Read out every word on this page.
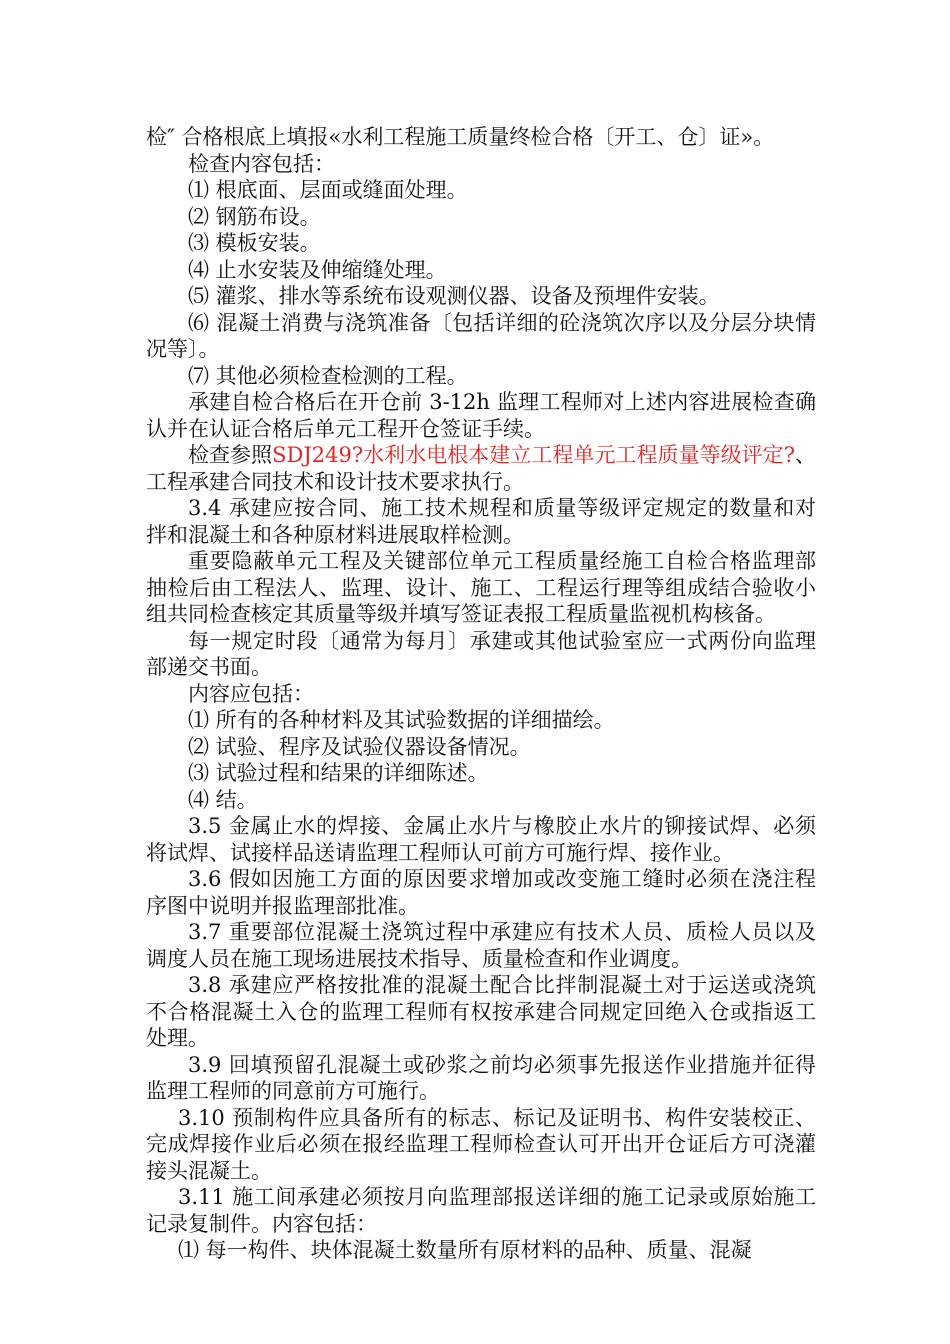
检″ 合格根底上填报«水利工程施工质量终检合格〔开工、仓〕证»。

检查内容包括：

⑴ 根底面、层面或缝面处理。

⑵ 钢筋布设。

⑶ 模板安装。

⑷ 止水安装及伸缩缝处理。

⑸ 灌浆、排水等系统布设观测仪器、设备及预埋件安装。

⑹ 混凝土消费与浇筑准备〔包括详细的砼浇筑次序以及分层分块情况等〕。

⑺ 其他必须检查检测的工程。

承建自检合格后在开仓前 3-12h 监理工程师对上述内容进展检查确认并在认证合格后单元工程开仓签证手续。

检查参照SDJ249?水利水电根本建立工程单元工程质量等级评定?、工程承建合同技术和设计技术要求执行。

3.4 承建应按合同、施工技术规程和质量等级评定规定的数量和对拌和混凝土和各种原材料进展取样检测。

重要隐蔽单元工程及关键部位单元工程质量经施工自检合格监理部抽检后由工程法人、监理、设计、施工、工程运行理等组成结合验收小组共同检查核定其质量等级并填写签证表报工程质量监视机构核备。

每一规定时段〔通常为每月〕承建或其他试验室应一式两份向监理部递交书面。

内容应包括：

⑴ 所有的各种材料及其试验数据的详细描绘。

⑵ 试验、程序及试验仪器设备情况。

⑶ 试验过程和结果的详细陈述。

⑷ 结。

3.5 金属止水的焊接、金属止水片与橡胶止水片的铆接试焊、必须将试焊、试接样品送请监理工程师认可前方可施行焊、接作业。

3.6 假如因施工方面的原因要求增加或改变施工缝时必须在浇注程序图中说明并报监理部批准。

3.7 重要部位混凝土浇筑过程中承建应有技术人员、质检人员以及调度人员在施工现场进展技术指导、质量检查和作业调度。

3.8 承建应严格按批准的混凝土配合比拌制混凝土对于运送或浇筑不合格混凝土入仓的监理工程师有权按承建合同规定回绝入仓或指返工处理。

3.9 回填预留孔混凝土或砂浆之前均必须事先报送作业措施并征得监理工程师的同意前方可施行。

3.10 预制构件应具备所有的标志、标记及证明书、构件安装校正、完成焊接作业后必须在报经监理工程师检查认可开出开仓证后方可浇灌接头混凝土。

3.11 施工间承建必须按月向监理部报送详细的施工记录或原始施工记录复制件。内容包括：

⑴ 每一构件、块体混凝土数量所有原材料的品种、质量、混凝
